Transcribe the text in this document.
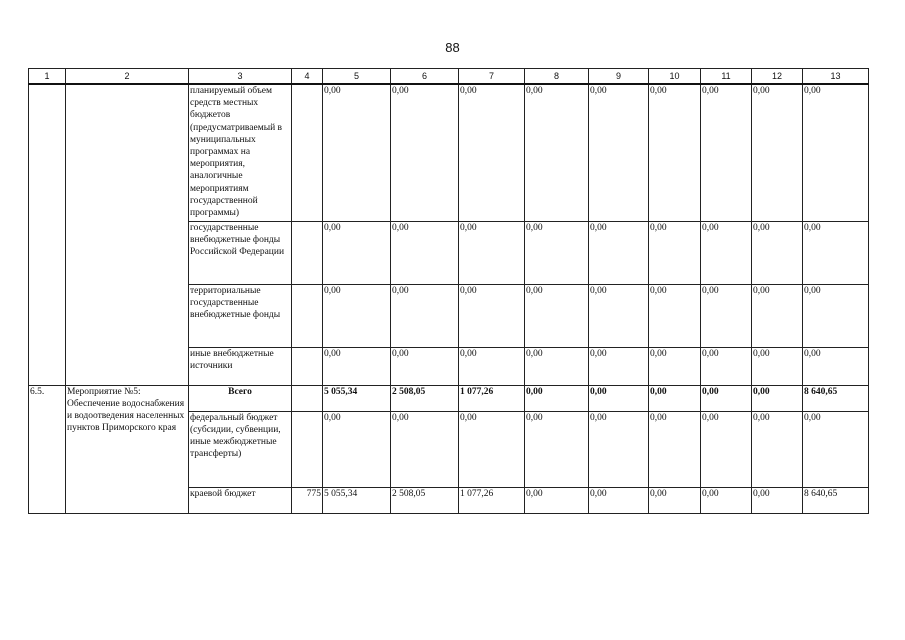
88
1	2	3	4	5	6	7	8	9	10	11	12	13
		планируемый объем средств местных бюджетов (предусматриваемый в муниципальных программах на мероприятия, аналогичные мероприятиям государственной программы)		0,00	0,00	0,00	0,00	0,00	0,00	0,00	0,00	0,00
		государственные внебюджетные фонды Российской Федерации		0,00	0,00	0,00	0,00	0,00	0,00	0,00	0,00	0,00
		территориальные государственные внебюджетные фонды		0,00	0,00	0,00	0,00	0,00	0,00	0,00	0,00	0,00
		иные внебюджетные источники		0,00	0,00	0,00	0,00	0,00	0,00	0,00	0,00	0,00

6.5.	Мероприятие №5: Обеспечение водоснабжения и водоотведения населенных пунктов Приморского края	Всего		5 055,34	2 508,05	1 077,26	0,00	0,00	0,00	0,00	0,00	8 640,65
		федеральный бюджет (субсидии, субвенции, иные межбюджетные трансферты)		0,00	0,00	0,00	0,00	0,00	0,00	0,00	0,00	0,00
		краевой бюджет	775	5 055,34	2 508,05	1 077,26	0,00	0,00	0,00	0,00	0,00	8 640,65
